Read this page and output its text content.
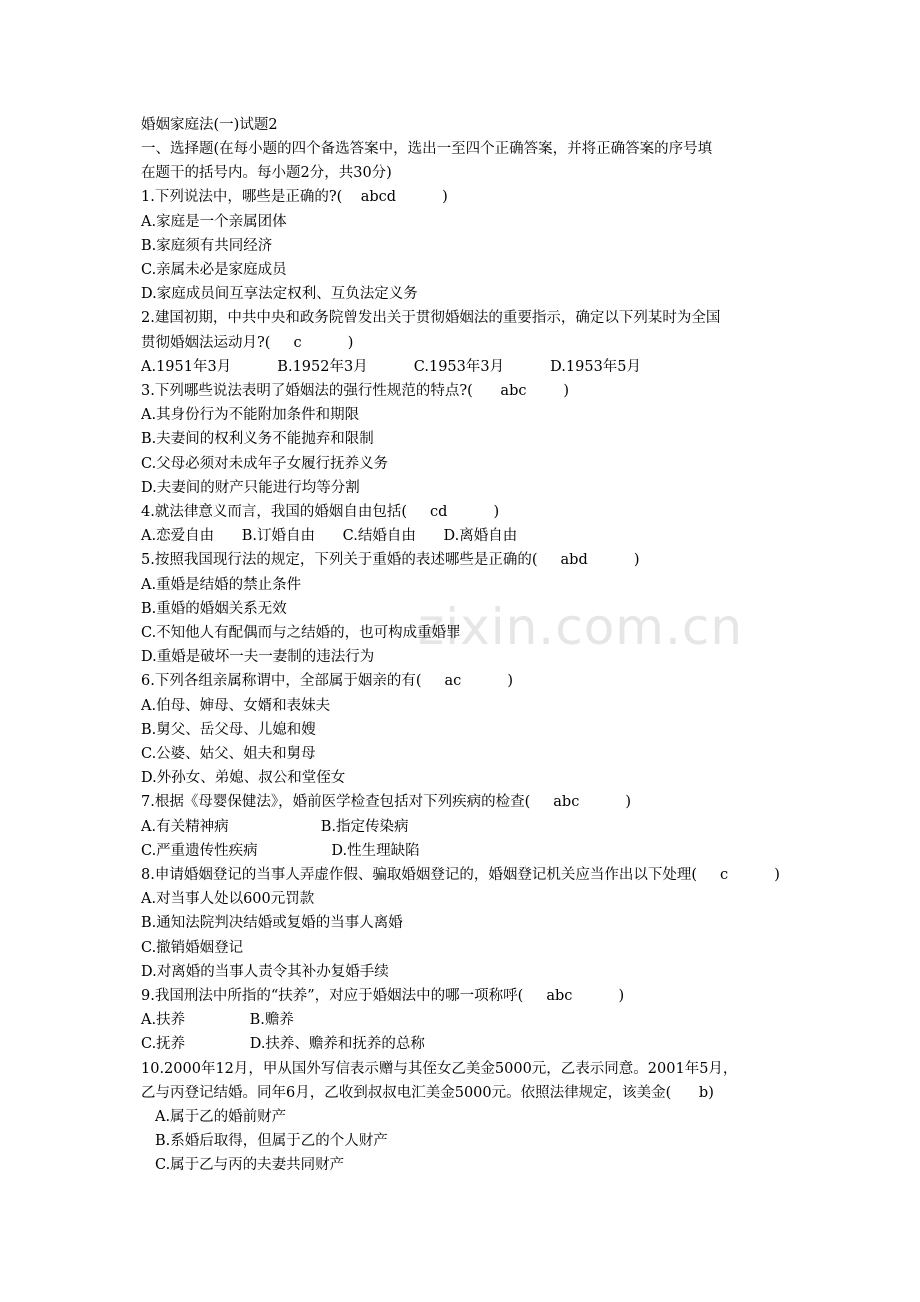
zixin.com.cn
婚姻家庭法(一)试题2
一、选择题(在每小题的四个备选答案中，选出一至四个正确答案，并将正确答案的序号填
在题干的括号内。每小题2分，共30分)
1.下列说法中，哪些是正确的?(    abcd          )
A.家庭是一个亲属团体
B.家庭须有共同经济
C.亲属未必是家庭成员
D.家庭成员间互享法定权利、互负法定义务
2.建国初期，中共中央和政务院曾发出关于贯彻婚姻法的重要指示，确定以下列某时为全国
贯彻婚姻法运动月?(     c          )
A.1951年3月          B.1952年3月          C.1953年3月          D.1953年5月
3.下列哪些说法表明了婚姻法的强行性规范的特点?(      abc        )
A.其身份行为不能附加条件和期限
B.夫妻间的权利义务不能抛弃和限制
C.父母必须对未成年子女履行抚养义务
D.夫妻间的财产只能进行均等分割
4.就法律意义而言，我国的婚姻自由包括(     cd          )
A.恋爱自由      B.订婚自由      C.结婚自由      D.离婚自由
5.按照我国现行法的规定，下列关于重婚的表述哪些是正确的(     abd          )
A.重婚是结婚的禁止条件
B.重婚的婚姻关系无效
C.不知他人有配偶而与之结婚的，也可构成重婚罪
D.重婚是破坏一夫一妻制的违法行为
6.下列各组亲属称谓中，全部属于姻亲的有(     ac          )
A.伯母、婶母、女婿和表妹夫
B.舅父、岳父母、儿媳和嫂
C.公婆、姑父、姐夫和舅母
D.外孙女、弟媳、叔公和堂侄女
7.根据《母婴保健法》，婚前医学检查包括对下列疾病的检查(     abc          )
A.有关精神病                    B.指定传染病
C.严重遗传性疾病                D.性生理缺陷
8.申请婚姻登记的当事人弄虚作假、骗取婚姻登记的，婚姻登记机关应当作出以下处理(     c          )
A.对当事人处以600元罚款
B.通知法院判决结婚或复婚的当事人离婚
C.撤销婚姻登记
D.对离婚的当事人责令其补办复婚手续
9.我国刑法中所指的“扶养”，对应于婚姻法中的哪一项称呼(     abc          )
A.扶养              B.赡养
C.抚养              D.扶养、赡养和抚养的总称
10.2000年12月，甲从国外写信表示赠与其侄女乙美金5000元，乙表示同意。2001年5月，
乙与丙登记结婚。同年6月，乙收到叔叔电汇美金5000元。依照法律规定，该美金(      b)
A.属于乙的婚前财产
B.系婚后取得，但属于乙的个人财产
C.属于乙与丙的夫妻共同财产
